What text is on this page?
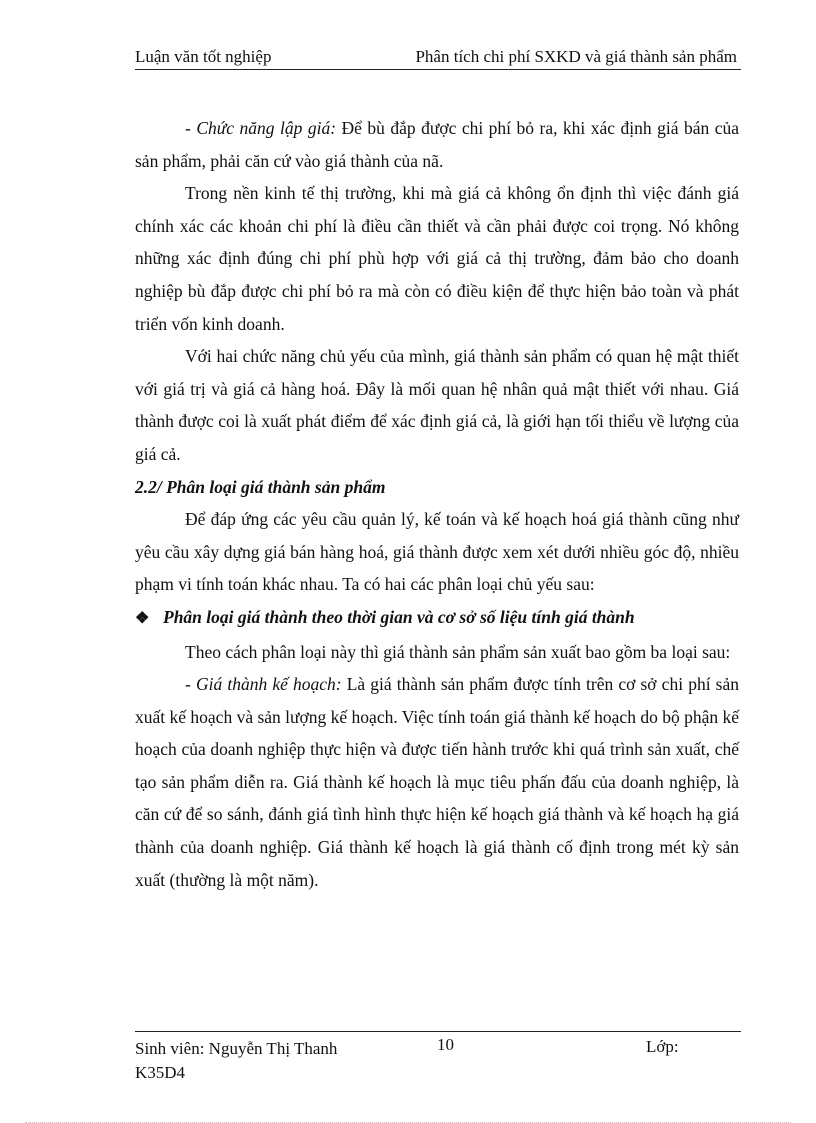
Luận văn tốt nghiệp	Phân tích chi phí SXKD và giá thành sản phẩm

- Chức năng lập giá: Để bù đắp được chi phí bỏ ra, khi xác định giá bán của sản phẩm, phải căn cứ vào giá thành của nã.

Trong nền kinh tế thị trường, khi mà giá cả không ổn định thì việc đánh giá chính xác các khoản chi phí là điều cần thiết và cần phải được coi trọng. Nó không những xác định đúng chi phí phù hợp với giá cả thị trường, đảm bảo cho doanh nghiệp bù đắp được chi phí bỏ ra mà còn có điều kiện để thực hiện bảo toàn và phát triển vốn kinh doanh.

Với hai chức năng chủ yếu của mình, giá thành sản phẩm có quan hệ mật thiết với giá trị và giá cả hàng hoá. Đây là mối quan hệ nhân quả mật thiết với nhau. Giá thành được coi là xuất phát điểm để xác định giá cả, là giới hạn tối thiểu về lượng của giá cả.

2.2/ Phân loại giá thành sản phẩm

Để đáp ứng các yêu cầu quản lý, kế toán và kế hoạch hoá giá thành cũng như yêu cầu xây dựng giá bán hàng hoá, giá thành được xem xét dưới nhiều góc độ, nhiều phạm vi tính toán khác nhau. Ta có hai các phân loại chủ yếu sau:

❖ Phân loại giá thành theo thời gian và cơ sở số liệu tính giá thành

Theo cách phân loại này thì giá thành sản phẩm sản xuất bao gồm ba loại sau:

- Giá thành kế hoạch: Là giá thành sản phẩm được tính trên cơ sở chi phí sản xuất kế hoạch và sản lượng kế hoạch. Việc tính toán giá thành kế hoạch do bộ phận kế hoạch của doanh nghiệp thực hiện và được tiến hành trước khi quá trình sản xuất, chế tạo sản phẩm diễn ra. Giá thành kế hoạch là mục tiêu phấn đấu của doanh nghiệp, là căn cứ để so sánh, đánh giá tình hình thực hiện kế hoạch giá thành và kế hoạch hạ giá thành của doanh nghiệp. Giá thành kế hoạch là giá thành cố định trong mét kỳ sản xuất (thường là một năm).

Sinh viên: Nguyễn Thị Thanh
K35D4
10	Lớp:
